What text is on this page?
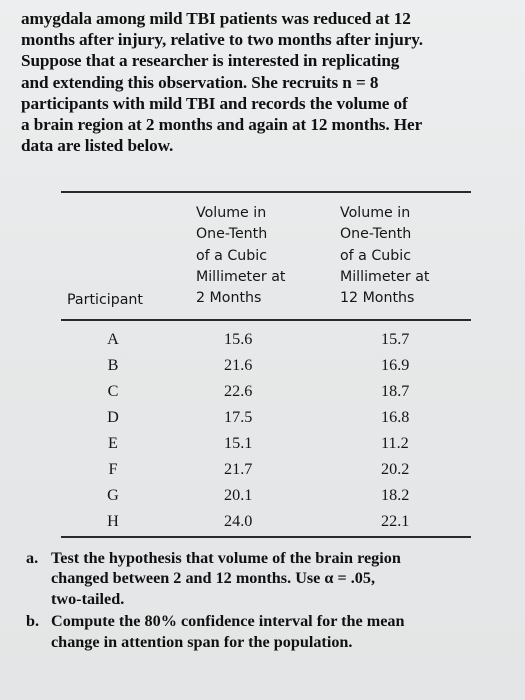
amygdala among mild TBI patients was reduced at 12
months after injury, relative to two months after injury.
Suppose that a researcher is interested in replicating
and extending this observation. She recruits n = 8
participants with mild TBI and records the volume of
a brain region at 2 months and again at 12 months. Her
data are listed below.
Participant
Volume in
One-Tenth
of a Cubic
Millimeter at
2 Months
Volume in
One-Tenth
of a Cubic
Millimeter at
12 Months
A	15.6	15.7
B	21.6	16.9
C	22.6	18.7
D	17.5	16.8
E	15.1	11.2
F	21.7	20.2
G	20.1	18.2
H	24.0	22.1
a. Test the hypothesis that volume of the brain region
changed between 2 and 12 months. Use α = .05,
two-tailed.
b. Compute the 80% confidence interval for the mean
change in attention span for the population.
